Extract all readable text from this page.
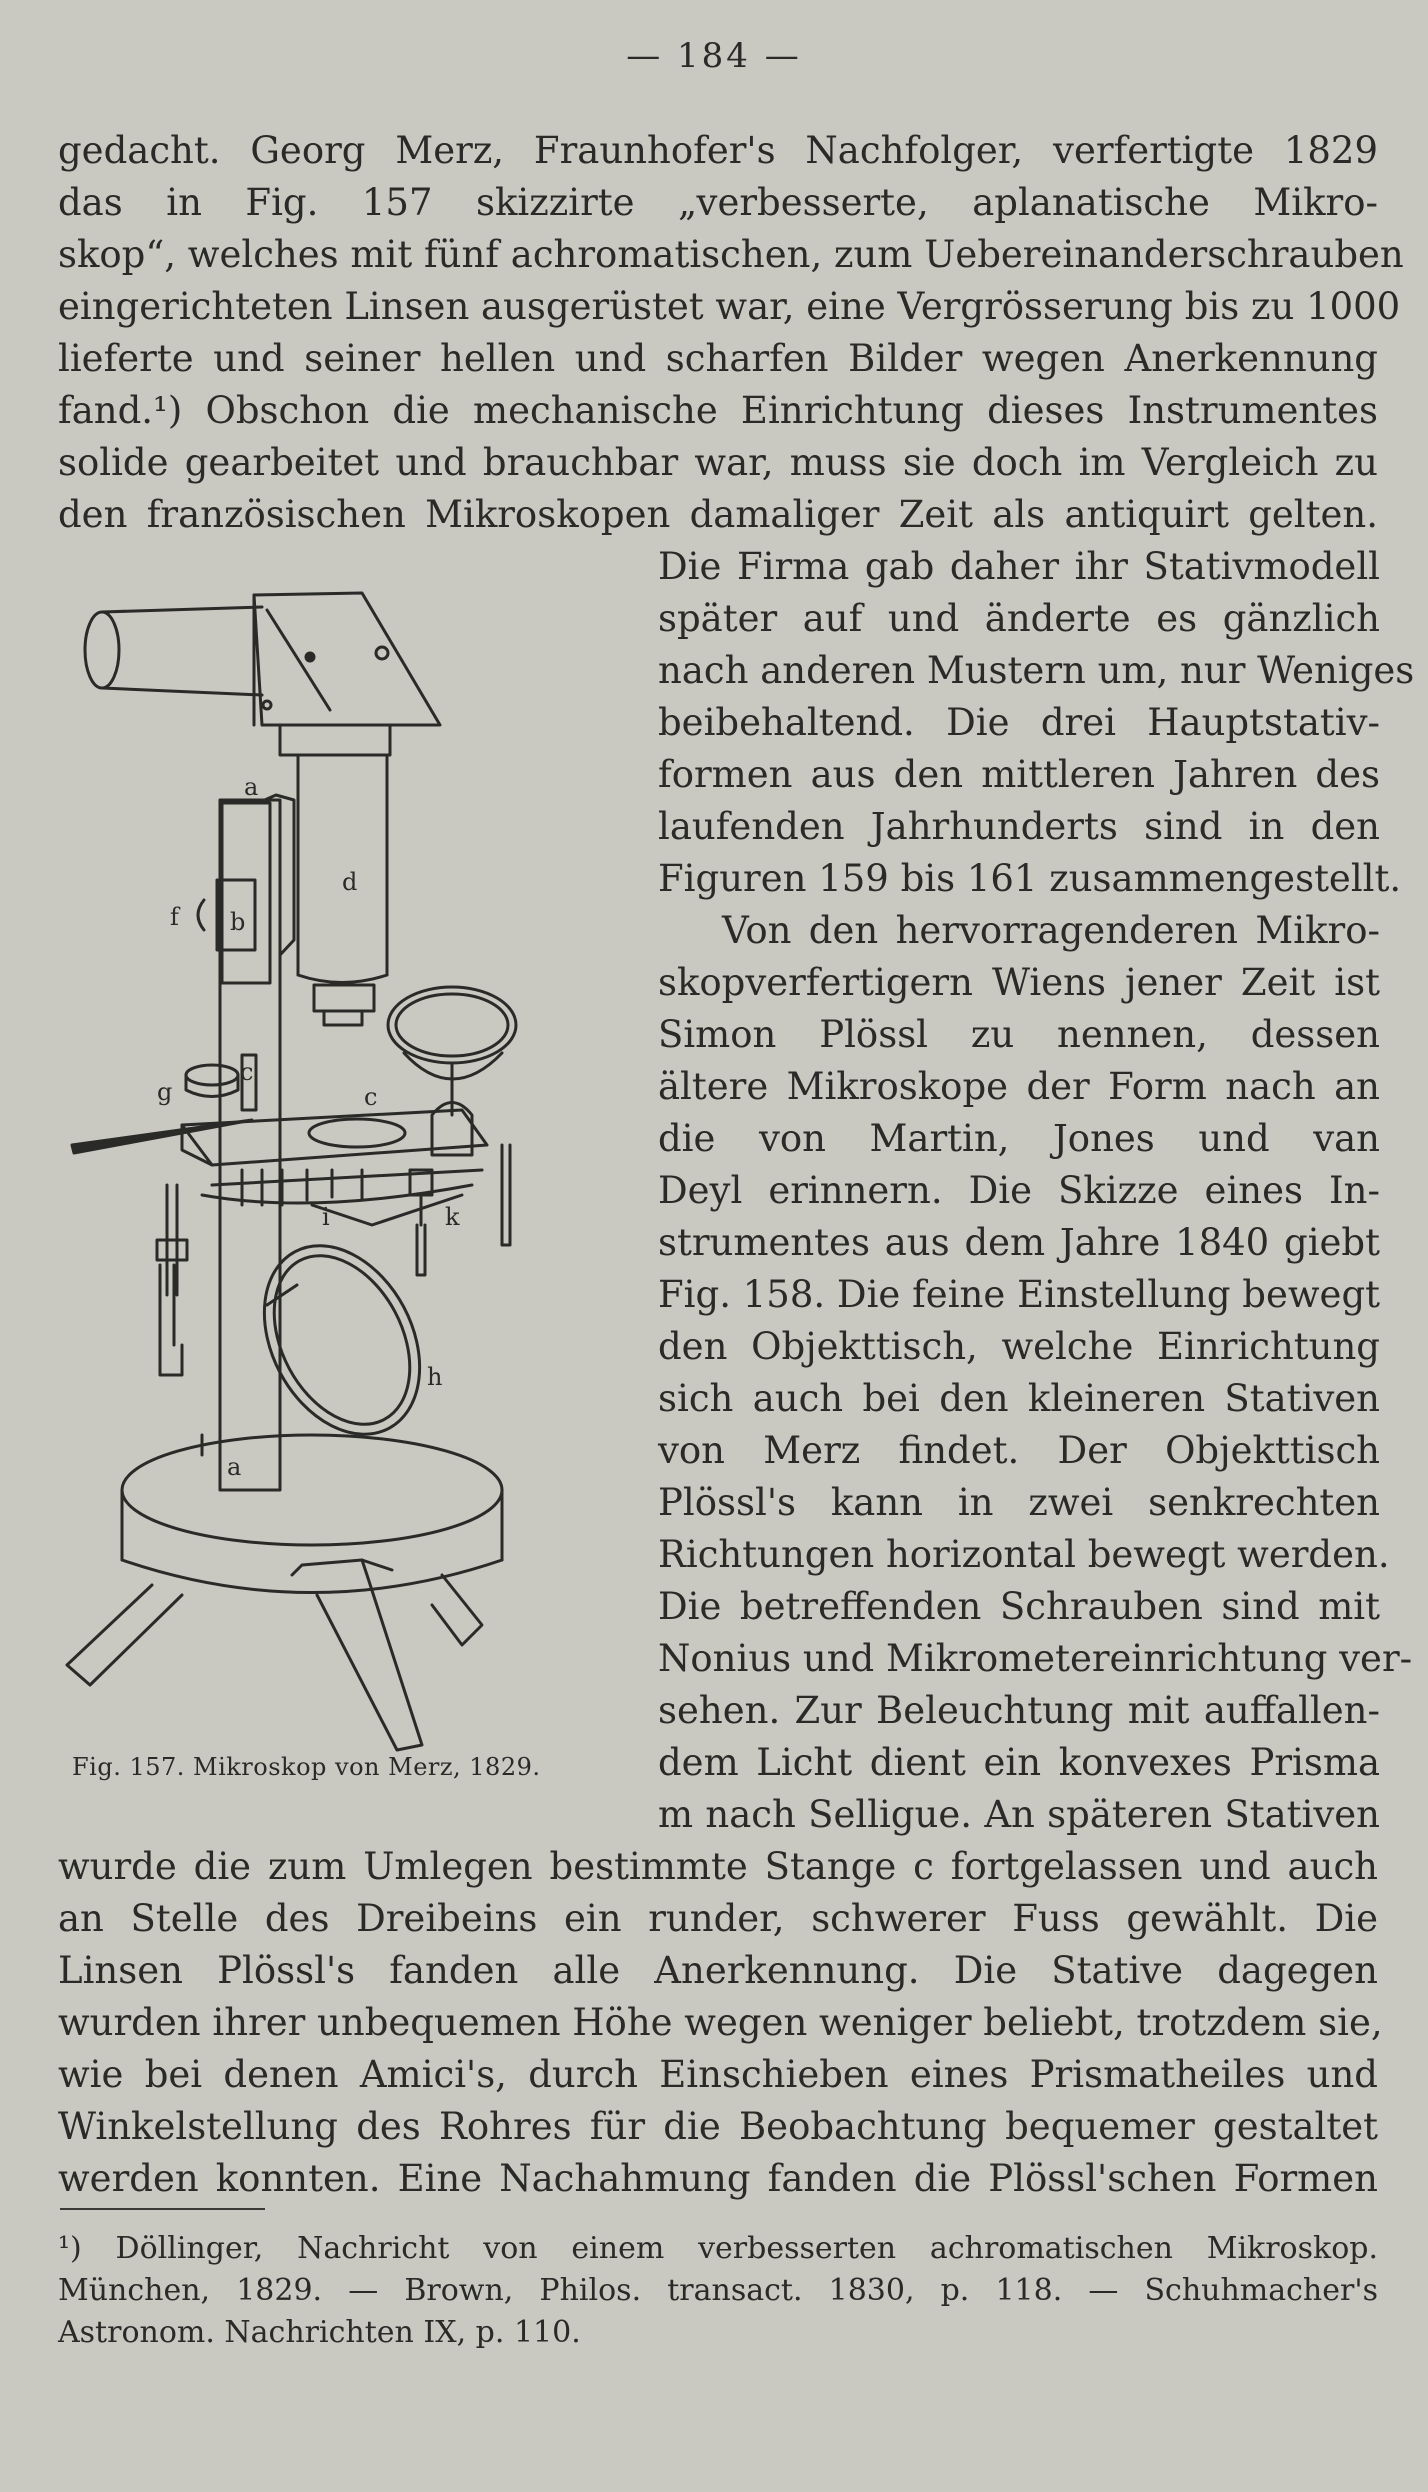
— 184 —
gedacht. Georg Merz, Fraunhofer's Nachfolger, verfertigte 1829
das in Fig. 157 skizzirte „verbesserte, aplanatische Mikro-
skop“, welches mit fünf achromatischen, zum Uebereinanderschrauben
eingerichteten Linsen ausgerüstet war, eine Vergrösserung bis zu 1000
lieferte und seiner hellen und scharfen Bilder wegen Anerkennung
fand.¹) Obschon die mechanische Einrichtung dieses Instrumentes
solide gearbeitet und brauchbar war, muss sie doch im Vergleich zu
den französischen Mikroskopen damaliger Zeit als antiquirt gelten.
Die Firma gab daher ihr Stativmodell
später auf und änderte es gänzlich
nach anderen Mustern um, nur Weniges
beibehaltend. Die drei Hauptstativ-
formen aus den mittleren Jahren des
laufenden Jahrhunderts sind in den
Figuren 159 bis 161 zusammengestellt.
Von den hervorragenderen Mikro-
skopverfertigern Wiens jener Zeit ist
Simon Plössl zu nennen, dessen
ältere Mikroskope der Form nach an
die von Martin, Jones und van
Deyl erinnern. Die Skizze eines In-
strumentes aus dem Jahre 1840 giebt
Fig. 158. Die feine Einstellung bewegt
den Objekttisch, welche Einrichtung
sich auch bei den kleineren Stativen
von Merz findet. Der Objekttisch
Plössl's kann in zwei senkrechten
Richtungen horizontal bewegt werden.
Die betreffenden Schrauben sind mit
Nonius und Mikrometereinrichtung ver-
sehen. Zur Beleuchtung mit auffallen-
dem Licht dient ein konvexes Prisma
m nach Selligue. An späteren Stativen
wurde die zum Umlegen bestimmte Stange c fortgelassen und auch
an Stelle des Dreibeins ein runder, schwerer Fuss gewählt. Die
Linsen Plössl's fanden alle Anerkennung. Die Stative dagegen
wurden ihrer unbequemen Höhe wegen weniger beliebt, trotzdem sie,
wie bei denen Amici's, durch Einschieben eines Prismatheiles und
Winkelstellung des Rohres für die Beobachtung bequemer gestaltet
werden konnten. Eine Nachahmung fanden die Plössl'schen Formen
a
b
d
f
c
c
g
i	k
h
a
Fig. 157. Mikroskop von Merz, 1829.
¹) Döllinger, Nachricht von einem verbesserten achromatischen Mikroskop.
München, 1829. — Brown, Philos. transact. 1830, p. 118. — Schuhmacher's
Astronom. Nachrichten IX, p. 110.
